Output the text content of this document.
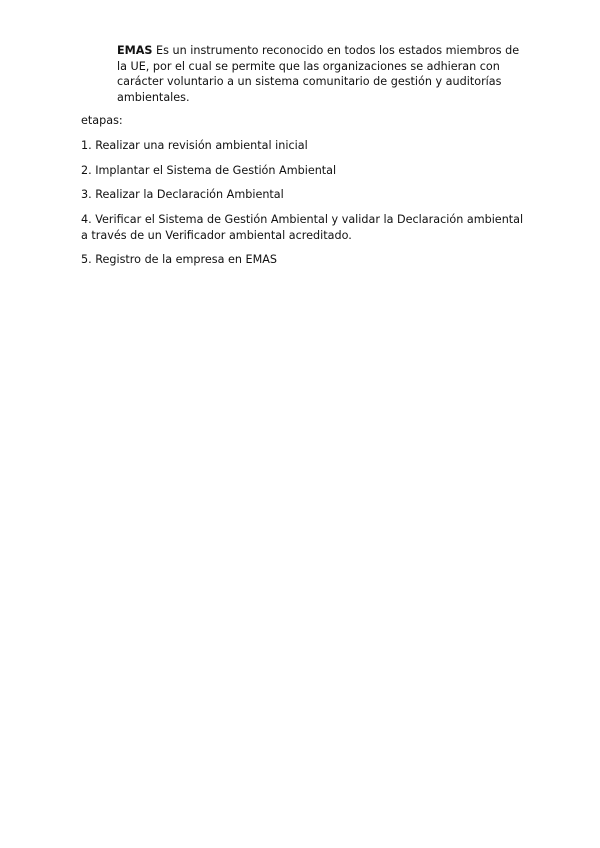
EMAS Es un instrumento reconocido en todos los estados miembros de la UE, por el cual se permite que las organizaciones se adhieran con carácter voluntario a un sistema comunitario de gestión y auditorías ambientales.

etapas:

1. Realizar una revisión ambiental inicial

2. Implantar el Sistema de Gestión Ambiental

3. Realizar la Declaración Ambiental

4. Verificar el Sistema de Gestión Ambiental y validar la Declaración ambiental a través de un Verificador ambiental acreditado.

5. Registro de la empresa en EMAS
